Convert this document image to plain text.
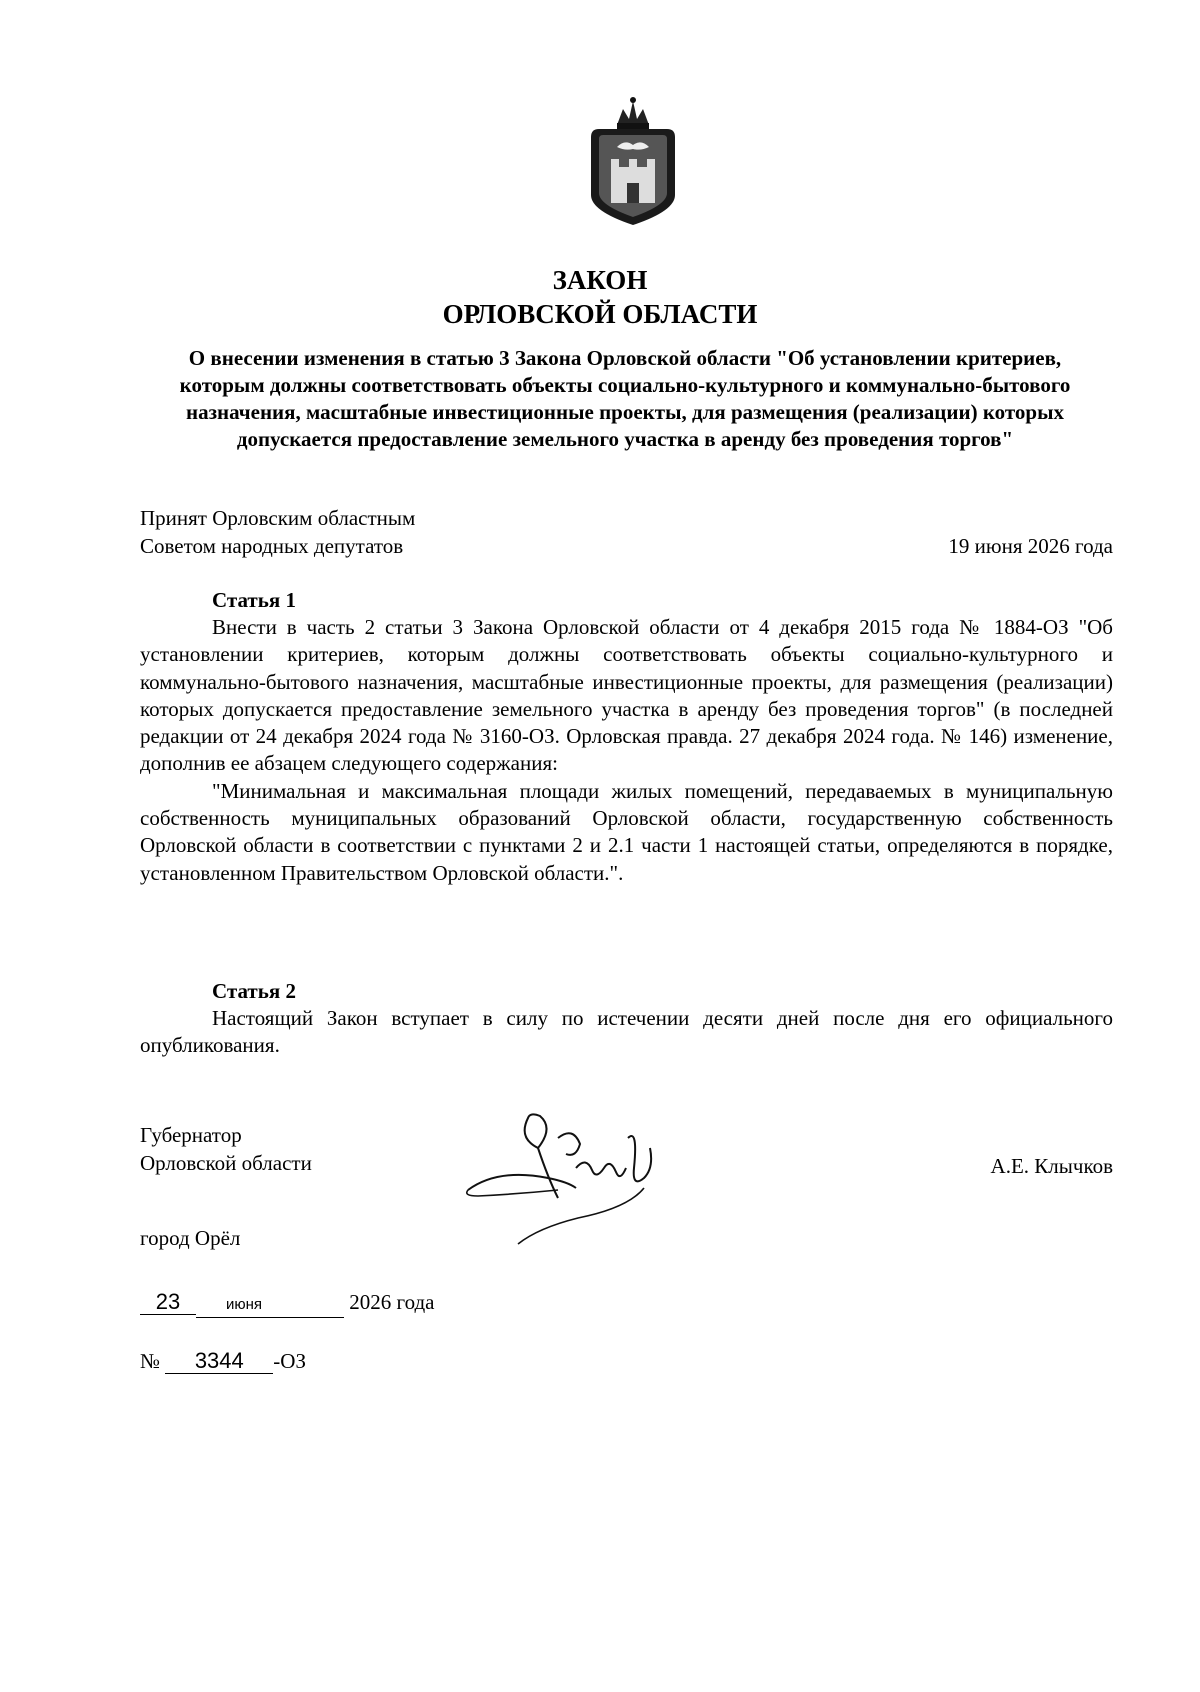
ЗАКОН
ОРЛОВСКОЙ ОБЛАСТИ
О внесении изменения в статью 3 Закона Орловской области "Об установлении критериев, которым должны соответствовать объекты социально-культурного и коммунально-бытового назначения, масштабные инвестиционные проекты, для размещения (реализации) которых допускается предоставление земельного участка в аренду без проведения торгов"
Принят Орловским областным
Советом народных депутатов	19 июня 2026 года
Статья 1

Внести в часть 2 статьи 3 Закона Орловской области от 4 декабря 2015 года № 1884-ОЗ "Об установлении критериев, которым должны соответствовать объекты социально-культурного и коммунально-бытового назначения, масштабные инвестиционные проекты, для размещения (реализации) которых допускается предоставление земельного участка в аренду без проведения торгов" (в последней редакции от 24 декабря 2024 года № 3160-ОЗ. Орловская правда. 27 декабря 2024 года. № 146) изменение, дополнив ее абзацем следующего содержания:

"Минимальная и максимальная площади жилых помещений, передаваемых в муниципальную собственность муниципальных образований Орловской области, государственную собственность Орловской области в соответствии с пунктами 2 и 2.1 части 1 настоящей статьи, определяются в порядке, установленном Правительством Орловской области.".

Статья 2

Настоящий Закон вступает в силу по истечении десяти дней после дня его официального опубликования.

Губернатор
Орловской области	А.Е. Клычков
город Орёл
23	июня	2026 года
№ 3344 -ОЗ
